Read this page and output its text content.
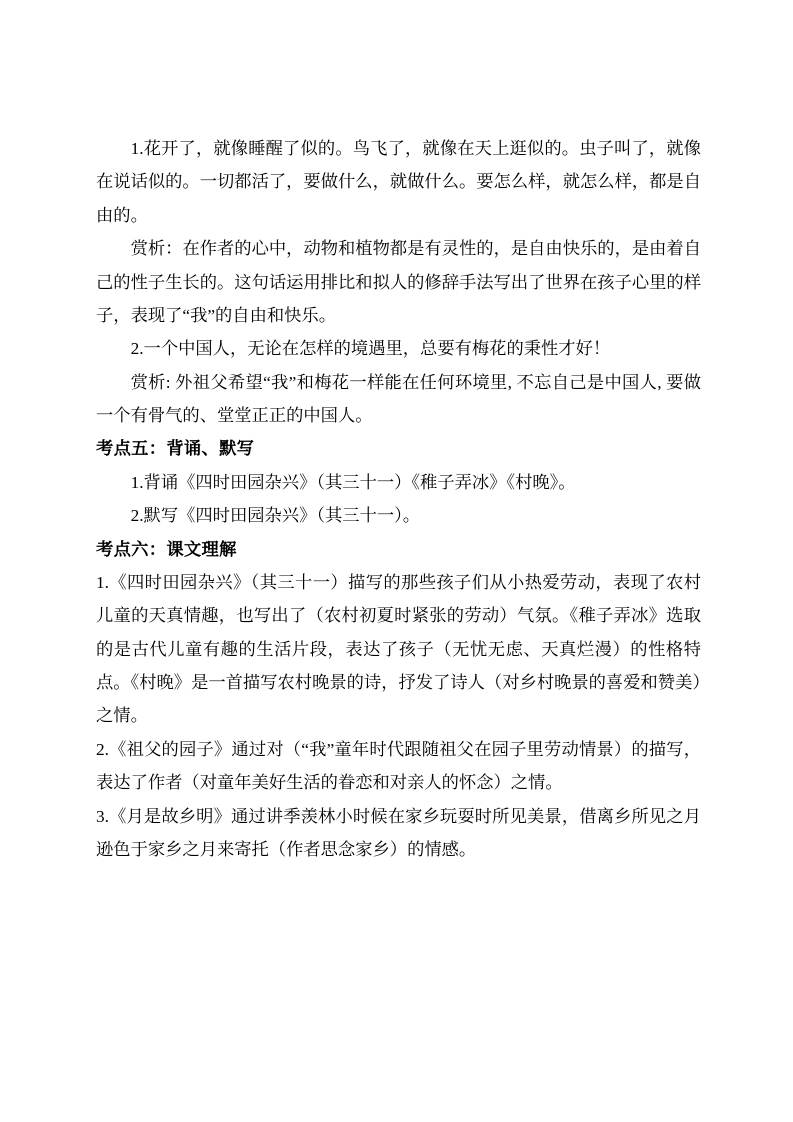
1.花开了，就像睡醒了似的。鸟飞了，就像在天上逛似的。虫子叫了，就像在说话似的。一切都活了，要做什么，就做什么。要怎么样，就怎么样，都是自由的。

赏析：在作者的心中，动物和植物都是有灵性的，是自由快乐的，是由着自己的性子生长的。这句话运用排比和拟人的修辞手法写出了世界在孩子心里的样子，表现了“我”的自由和快乐。

2.一个中国人，无论在怎样的境遇里，总要有梅花的秉性才好！

赏析: 外祖父希望“我”和梅花一样能在任何环境里, 不忘自己是中国人, 要做一个有骨气的、堂堂正正的中国人。

考点五：背诵、默写

1.背诵《四时田园杂兴》（其三十一）《稚子弄冰》《村晚》。

2.默写《四时田园杂兴》（其三十一）。

考点六：课文理解

1.《四时田园杂兴》（其三十一）描写的那些孩子们从小热爱劳动，表现了农村儿童的天真情趣，也写出了（农村初夏时紧张的劳动）气氛。《稚子弄冰》选取的是古代儿童有趣的生活片段，表达了孩子（无忧无虑、天真烂漫）的性格特点。《村晚》是一首描写农村晚景的诗，抒发了诗人（对乡村晚景的喜爱和赞美）之情。

2.《祖父的园子》通过对（“我”童年时代跟随祖父在园子里劳动情景）的描写，表达了作者（对童年美好生活的眷恋和对亲人的怀念）之情。

3.《月是故乡明》通过讲季羡林小时候在家乡玩耍时所见美景，借离乡所见之月逊色于家乡之月来寄托（作者思念家乡）的情感。
